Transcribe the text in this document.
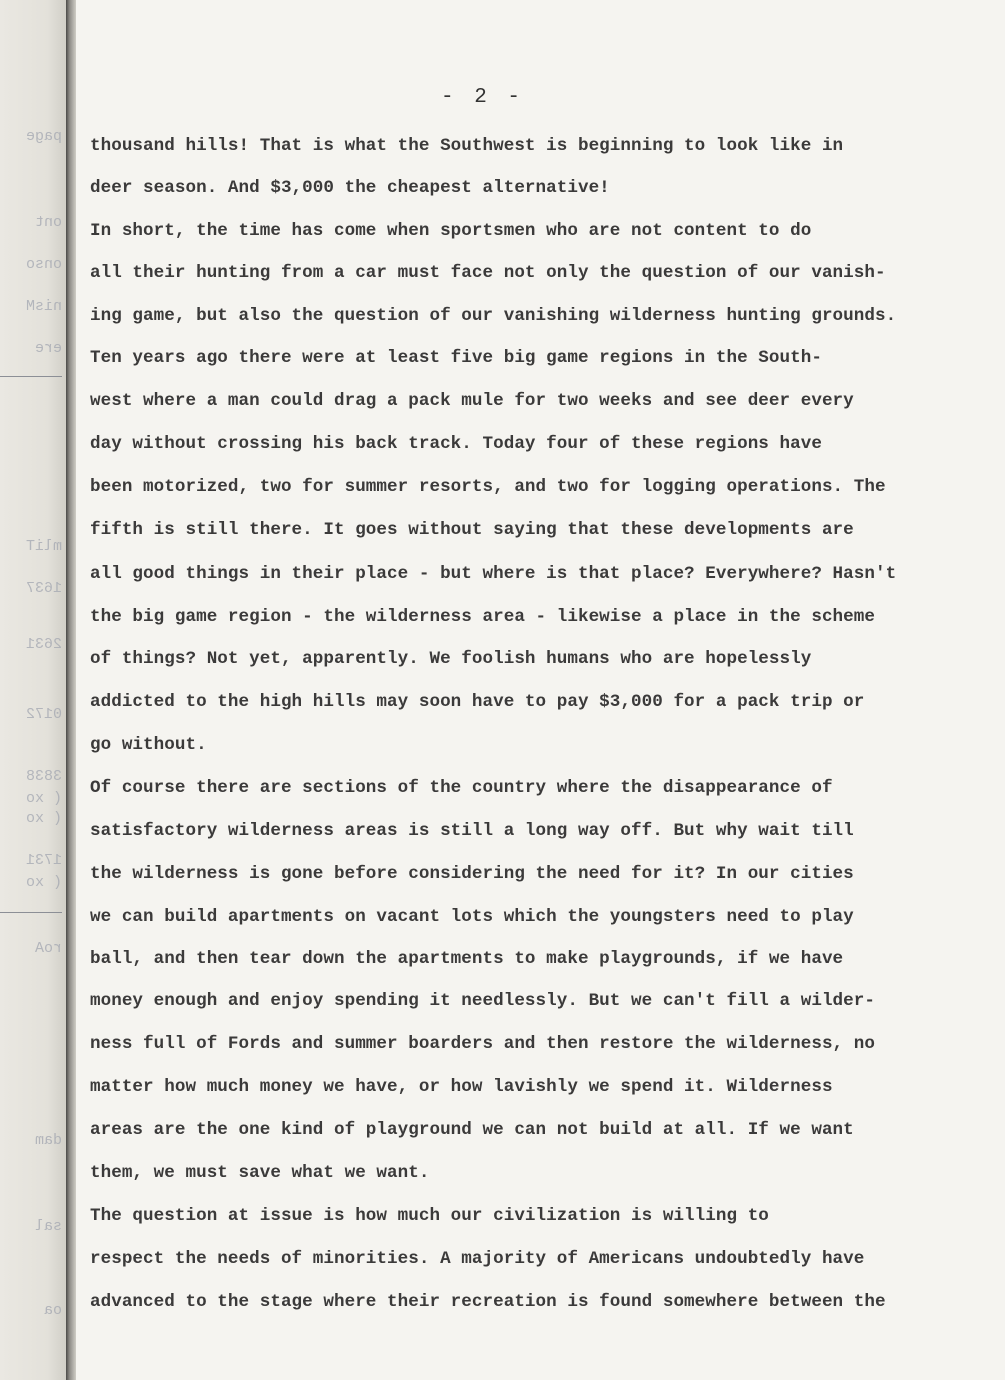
page
ont
onso
nisM
ere
mliT
1637
2631
0172
3838
( xo
( xo
1731
( xo
roA
dam
sal
oa
- 2 -

thousand hills! That is what the Southwest is beginning to look like in

deer season. And $3,000 the cheapest alternative!

In short, the time has come when sportsmen who are not content to do

all their hunting from a car must face not only the question of our vanish-

ing game, but also the question of our vanishing wilderness hunting grounds.

Ten years ago there were at least five big game regions in the South-

west where a man could drag a pack mule for two weeks and see deer every

day without crossing his back track. Today four of these regions have

been motorized, two for summer resorts, and two for logging operations. The

fifth is still there. It goes without saying that these developments are

all good things in their place - but where is that place? Everywhere? Hasn't

the big game region - the wilderness area - likewise a place in the scheme

of things? Not yet, apparently. We foolish humans who are hopelessly

addicted to the high hills may soon have to pay $3,000 for a pack trip or

go without.

Of course there are sections of the country where the disappearance of

satisfactory wilderness areas is still a long way off. But why wait till

the wilderness is gone before considering the need for it? In our cities

we can build apartments on vacant lots which the youngsters need to play

ball, and then tear down the apartments to make playgrounds, if we have

money enough and enjoy spending it needlessly. But we can't fill a wilder-

ness full of Fords and summer boarders and then restore the wilderness, no

matter how much money we have, or how lavishly we spend it. Wilderness

areas are the one kind of playground we can not build at all. If we want

them, we must save what we want.

The question at issue is how much our civilization is willing to

respect the needs of minorities. A majority of Americans undoubtedly have

advanced to the stage where their recreation is found somewhere between the
